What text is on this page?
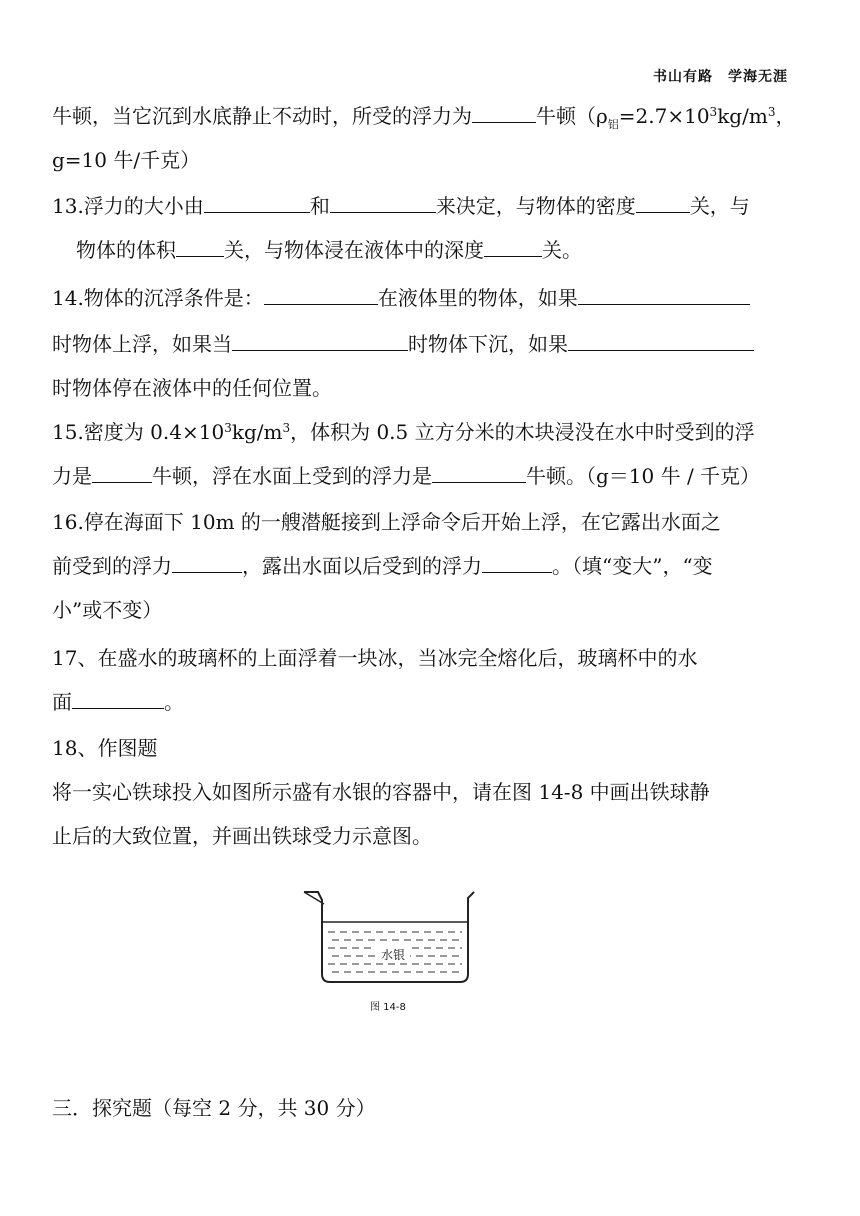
书山有路　学海无涯
牛顿，当它沉到水底静止不动时，所受的浮力为	牛顿（$\rho_铝=2.7\times 10^3kg/m^3$，
g=10 牛/千克）
13.浮力的大小由	和	来决定，与物体的密度	关，与
物体的体积 关，与物体浸在液体中的深度	关。
14.物体的沉浮条件是：	在液体里的物体，如果
时物体上浮，如果当	时物体下沉，如果
时物体停在液体中的任何位置。
15.密度为 $0.4\times 10^3kg/m^3$，体积为 0.5 立方分米的木块浸没在水中时受到的浮
力是	牛顿，浮在水面上受到的浮力是	牛顿。（g＝10 牛 / 千克）
16.停在海面下 10m 的一艘潜艇接到上浮命令后开始上浮，在它露出水面之
前受到的浮力	，露出水面以后受到的浮力	。（填“变大”，“变
小”或不变）
17、在盛水的玻璃杯的上面浮着一块冰，当冰完全熔化后，玻璃杯中的水
面	。
18、作图题
将一实心铁球投入如图所示盛有水银的容器中，请在图 14-8 中画出铁球静
止后的大致位置，并画出铁球受力示意图。
水银
图 14-8
三．探究题（每空 2 分，共 30 分）
